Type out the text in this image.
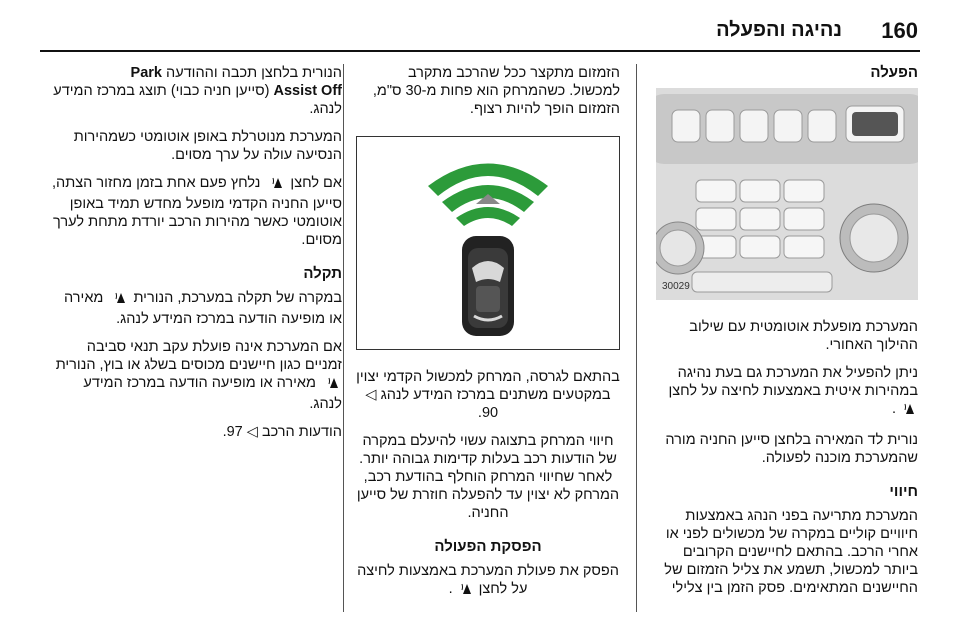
160
נהיגה והפעלה
הפעלה
30029

המערכת מופעלת אוטומטית עם שילוב ההילוך האחורי.

ניתן להפעיל את המערכת גם בעת נהיגה במהירות איטית באמצעות לחיצה על לחצן
.

נורית לד המאירה בלחצן סייען החניה מורה שהמערכת מוכנה לפעולה.

חיווי

המערכת מתריעה בפני הנהג באמצעות חיוויים קוליים במקרה של מכשולים לפני או אחרי הרכב. בהתאם לחיישנים הקרובים ביותר למכשול, תשמע את צליל הזמזום של החיישנים המתאימים. פסק הזמן בין צלילי

הזמזום מתקצר ככל שהרכב מתקרב למכשול. כשהמרחק הוא פחות מ-30 ס"מ, הזמזום הופך להיות רצוף.

בהתאם לגרסה, המרחק למכשול הקדמי יצוין במקטעים משתנים במרכז המידע לנהג ◁ 90.

חיווי המרחק בתצוגה עשוי להיעלם במקרה של הודעות רכב בעלות קדימות גבוהה יותר. לאחר שחיווי המרחק הוחלף בהודעת רכב, המרחק לא יצוין עד להפעלה חוזרת של סייען החניה.

הפסקת הפעולה

הפסק את פעולת המערכת באמצעות לחיצה על לחצן
.

הנורית בלחצן תכבה וההודעה Park
Assist Off (סייען חניה כבוי) תוצג במרכז המידע לנהג.

המערכת מנוטרלת באופן אוטומטי כשמהירות הנסיעה עולה על ערך מסוים.

אם לחצן
נלחץ פעם אחת בזמן מחזור הצתה, סייען החניה הקדמי מופעל מחדש תמיד באופן אוטומטי כאשר מהירות הרכב יורדת מתחת לערך מסוים.

תקלה

במקרה של תקלה במערכת, הנורית
מאירה או מופיעה הודעה במרכז המידע לנהג.

אם המערכת אינה פועלת עקב תנאי סביבה זמניים כגון חיישנים מכוסים בשלג או בוץ, הנורית
מאירה או מופיעה הודעה במרכז המידע לנהג.

הודעות הרכב ◁ 97.
